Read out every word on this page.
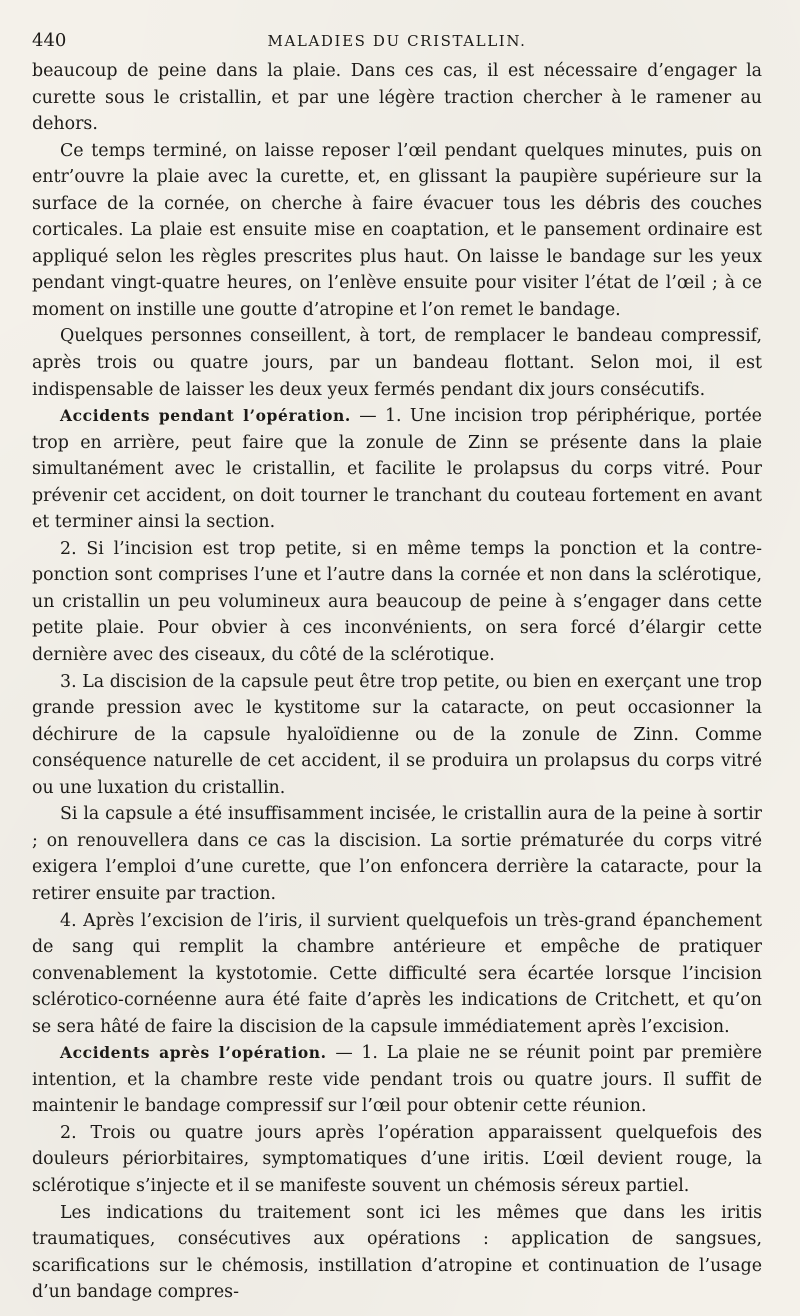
440	MALADIES DU CRISTALLIN.

beaucoup de peine dans la plaie. Dans ces cas, il est nécessaire d’engager la curette sous le cristallin, et par une légère traction chercher à le ramener au dehors.

Ce temps terminé, on laisse reposer l’œil pendant quelques minutes, puis on entr’ouvre la plaie avec la curette, et, en glissant la paupière supérieure sur la surface de la cornée, on cherche à faire évacuer tous les débris des couches corticales. La plaie est ensuite mise en coaptation, et le pansement ordinaire est appliqué selon les règles prescrites plus haut. On laisse le bandage sur les yeux pendant vingt-quatre heures, on l’enlève ensuite pour visiter l’état de l’œil ; à ce moment on instille une goutte d’atropine et l’on remet le bandage.

Quelques personnes conseillent, à tort, de remplacer le bandeau compressif, après trois ou quatre jours, par un bandeau flottant. Selon moi, il est indispensable de laisser les deux yeux fermés pendant dix jours consécutifs.

Accidents pendant l’opération. — 1. Une incision trop périphérique, portée trop en arrière, peut faire que la zonule de Zinn se présente dans la plaie simultanément avec le cristallin, et facilite le prolapsus du corps vitré. Pour prévenir cet accident, on doit tourner le tranchant du couteau fortement en avant et terminer ainsi la section.

2. Si l’incision est trop petite, si en même temps la ponction et la contre-ponction sont comprises l’une et l’autre dans la cornée et non dans la sclérotique, un cristallin un peu volumineux aura beaucoup de peine à s’engager dans cette petite plaie. Pour obvier à ces inconvénients, on sera forcé d’élargir cette dernière avec des ciseaux, du côté de la sclérotique.

3. La discision de la capsule peut être trop petite, ou bien en exerçant une trop grande pression avec le kystitome sur la cataracte, on peut occasionner la déchirure de la capsule hyaloïdienne ou de la zonule de Zinn. Comme conséquence naturelle de cet accident, il se produira un prolapsus du corps vitré ou une luxation du cristallin.

Si la capsule a été insuffisamment incisée, le cristallin aura de la peine à sortir ; on renouvellera dans ce cas la discision. La sortie prématurée du corps vitré exigera l’emploi d’une curette, que l’on enfoncera derrière la cataracte, pour la retirer ensuite par traction.

4. Après l’excision de l’iris, il survient quelquefois un très-grand épanchement de sang qui remplit la chambre antérieure et empêche de pratiquer convenablement la kystotomie. Cette difficulté sera écartée lorsque l’incision sclérotico-cornéenne aura été faite d’après les indications de Critchett, et qu’on se sera hâté de faire la discision de la capsule immédiatement après l’excision.

Accidents après l’opération. — 1. La plaie ne se réunit point par première intention, et la chambre reste vide pendant trois ou quatre jours. Il suffit de maintenir le bandage compressif sur l’œil pour obtenir cette réunion.

2. Trois ou quatre jours après l’opération apparaissent quelquefois des douleurs périorbitaires, symptomatiques d’une iritis. L’œil devient rouge, la sclérotique s’injecte et il se manifeste souvent un chémosis séreux partiel.

Les indications du traitement sont ici les mêmes que dans les iritis traumatiques, consécutives aux opérations : application de sangsues, scarifications sur le chémosis, instillation d’atropine et continuation de l’usage d’un bandage compres-
